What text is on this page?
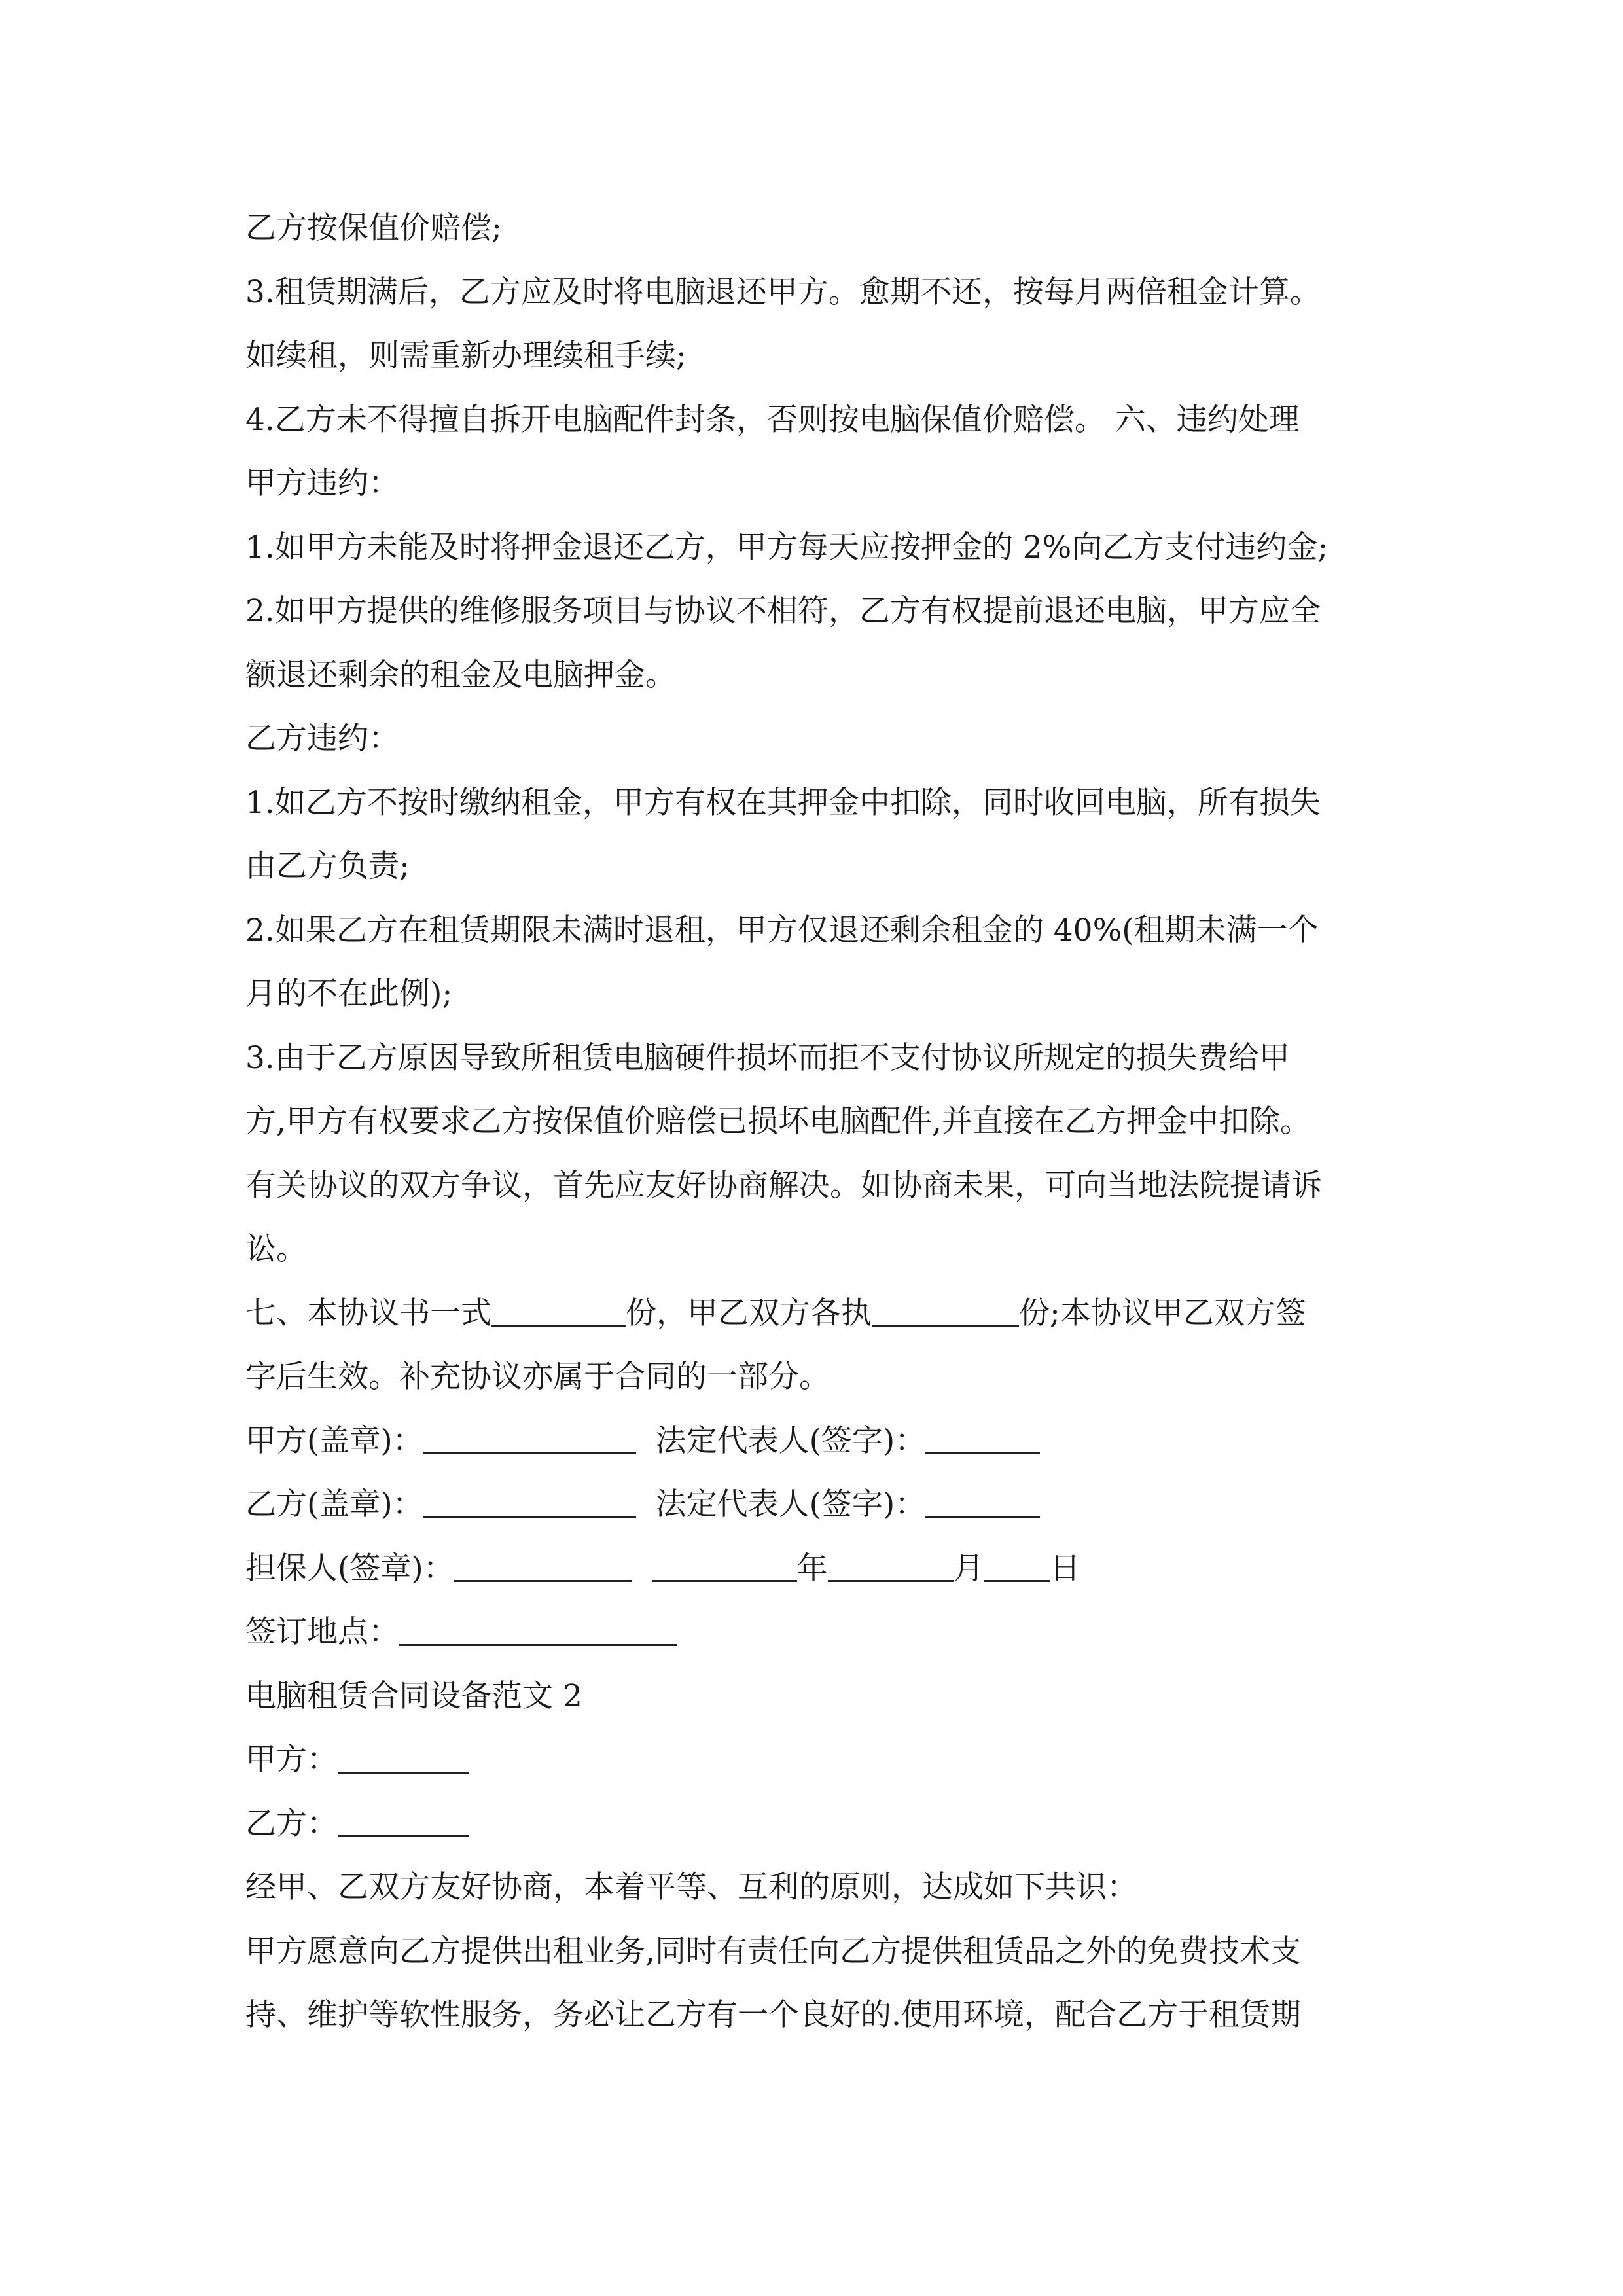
乙方按保值价赔偿;
3.租赁期满后，乙方应及时将电脑退还甲方。愈期不还，按每月两倍租金计算。
如续租，则需重新办理续租手续;
4.乙方未不得擅自拆开电脑配件封条，否则按电脑保值价赔偿。 六、违约处理
甲方违约：
1.如甲方未能及时将押金退还乙方，甲方每天应按押金的 2%向乙方支付违约金;
2.如甲方提供的维修服务项目与协议不相符，乙方有权提前退还电脑，甲方应全
额退还剩余的租金及电脑押金。
乙方违约：
1.如乙方不按时缴纳租金，甲方有权在其押金中扣除，同时收回电脑，所有损失
由乙方负责;
2.如果乙方在租赁期限未满时退租，甲方仅退还剩余租金的 40%(租期未满一个
月的不在此例);
3.由于乙方原因导致所租赁电脑硬件损坏而拒不支付协议所规定的损失费给甲
方,甲方有权要求乙方按保值价赔偿已损坏电脑配件,并直接在乙方押金中扣除。
有关协议的双方争议，首先应友好协商解决。如协商未果，可向当地法院提请诉
讼。
七、本协议书一式	份，甲乙双方各执	份;本协议甲乙双方签
字后生效。补充协议亦属于合同的一部分。
甲方(盖章)：	法定代表人(签字)：
乙方(盖章)：	法定代表人(签字)：
担保人(签章)：	年	月 日
签订地点：
电脑租赁合同设备范文 2
甲方：
乙方：
经甲、乙双方友好协商，本着平等、互利的原则，达成如下共识：
甲方愿意向乙方提供出租业务,同时有责任向乙方提供租赁品之外的免费技术支
持、维护等软性服务，务必让乙方有一个良好的.使用环境，配合乙方于租赁期
